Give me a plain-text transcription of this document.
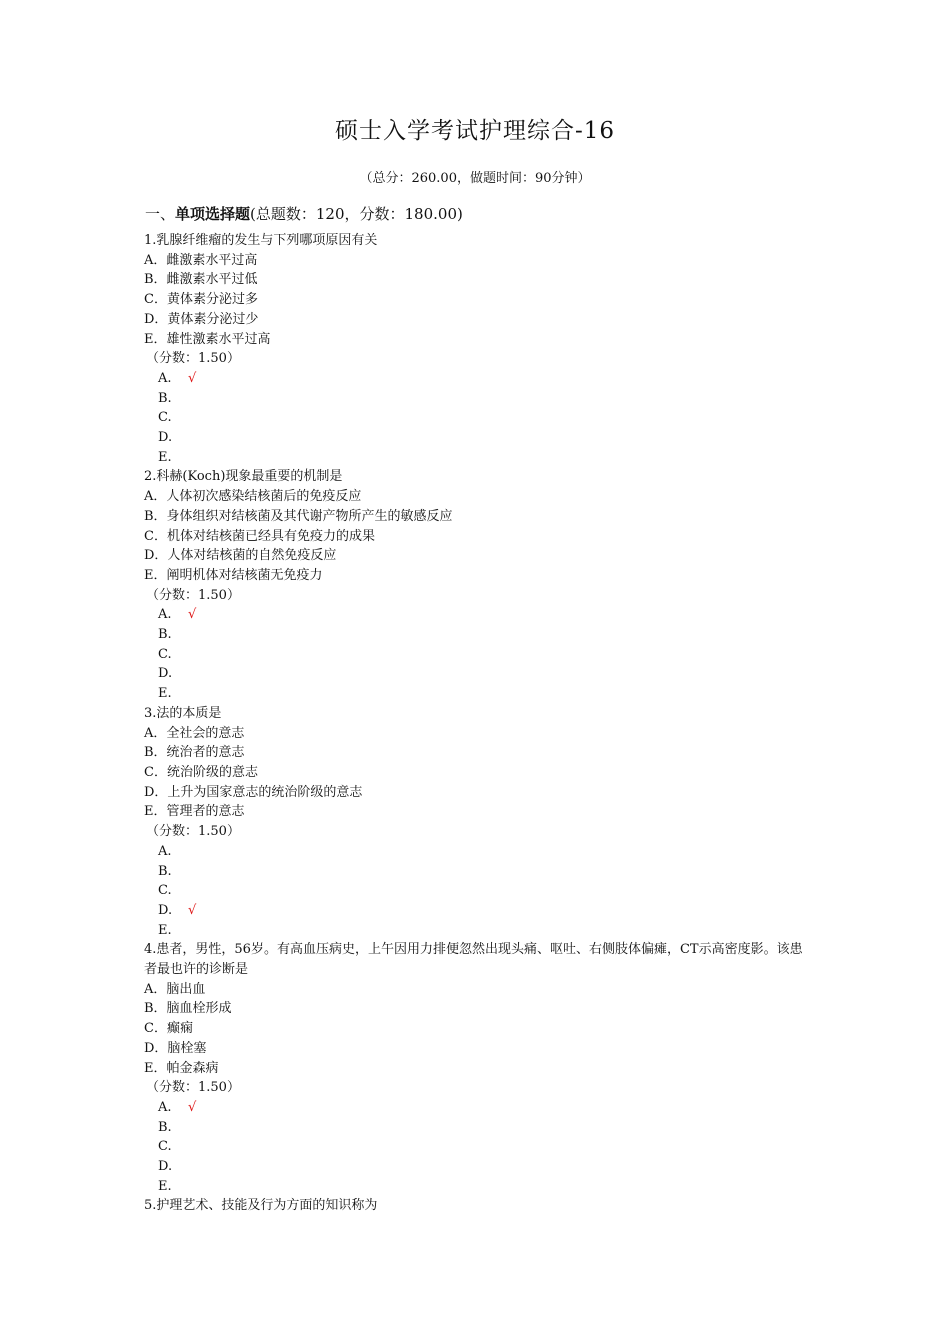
硕士入学考试护理综合-16
（总分：260.00，做题时间：90分钟）
一、单项选择题(总题数：120，分数：180.00)
1.乳腺纤维瘤的发生与下列哪项原因有关
A．雌激素水平过高
B．雌激素水平过低
C．黄体素分泌过多
D．黄体素分泌过少
E．雄性激素水平过高
（分数：1.50）
A. √
B.
C.
D.
E.
2.科赫(Koch)现象最重要的机制是
A．人体初次感染结核菌后的免疫反应
B．身体组织对结核菌及其代谢产物所产生的敏感反应
C．机体对结核菌已经具有免疫力的成果
D．人体对结核菌的自然免疫反应
E．阐明机体对结核菌无免疫力
（分数：1.50）
A. √
B.
C.
D.
E.
3.法的本质是
A．全社会的意志
B．统治者的意志
C．统治阶级的意志
D．上升为国家意志的统治阶级的意志
E．管理者的意志
（分数：1.50）
A.
B.
C.
D. √
E.
4.患者，男性，56岁。有高血压病史，上午因用力排便忽然出现头痛、呕吐、右侧肢体偏瘫，CT示高密度影。该患者最也许的诊断是
A．脑出血
B．脑血栓形成
C．癫痫
D．脑栓塞
E．帕金森病
（分数：1.50）
A. √
B.
C.
D.
E.
5.护理艺术、技能及行为方面的知识称为
